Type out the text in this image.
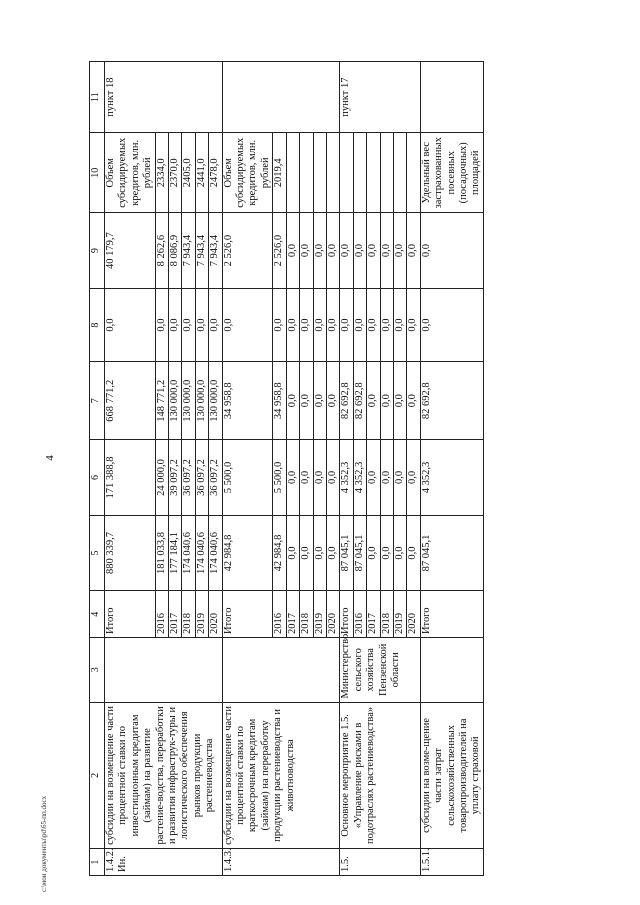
4
c:\мои документы\pd\65-пп.docx	1	2	3	4	5	6	7	8	9	10	11
1.4.2.
Ин.	субсидии на возмещение части процентной ставки по инвестиционным кредитам (займам) на развитие растение-водства, переработки и развития инфраструк-туры и логистического обеспечения рынков продукции растениеводства		Итого	880 339,7	171 388,8	668 771,2	0,0	40 179,7	Объем субсидируемых кредитов, млн. рублей	пункт 18
			2016	181 033,8	24 000,0	148 771,2	0,0	8 262,6	2334,0	
			2017	177 184,1	39 097,2	130 000,0	0,0	8 086,9	2370,0	
			2018	174 040,6	36 097,2	130 000,0	0,0	7 943,4	2405,0	
			2019	174 040,6	36 097,2	130 000,0	0,0	7 943,4	2441,0	
			2020	174 040,6	36 097,2	130 000,0	0,0	7 943,4	2478,0	
1.4.3.	субсидии на возмещение части процентной ставки по краткосрочным кредитам (займам) на переработку продукции растениеводства и животноводства		Итого	42 984,8	5 500,0	34 958,8	0,0	2 526,0	Объем субсидируемых кредитов, млн. рублей	
			2016	42 984,8	5 500,0	34 958,8	0,0	2 526,0	2019,4	
			2017	0,0	0,0	0,0	0,0	0,0		
			2018	0,0	0,0	0,0	0,0	0,0		
			2019	0,0	0,0	0,0	0,0	0,0		
			2020	0,0	0,0	0,0	0,0	0,0		
1.5.	Основное мероприятие 1.5. «Управление рисками в подотраслях растениеводства»	Министерство сельского хозяйства Пензенской области	Итого	87 045,1	4 352,3	82 692,8	0,0	0,0		пункт 17
			2016	87 045,1	4 352,3	82 692,8	0,0	0,0		
			2017	0,0	0,0	0,0	0,0	0,0		
			2018	0,0	0,0	0,0	0,0	0,0		
			2019	0,0	0,0	0,0	0,0	0,0		
			2020	0,0	0,0	0,0	0,0	0,0		
1.5.1.	субсидии на возме-щение части затрат сельскохозяйственных товаропроизводителей на уплату страховой		Итого	87 045,1	4 352,3	82 692,8	0,0	0,0	Удельный вес застрахованных посевных (посадочных) площадей	
